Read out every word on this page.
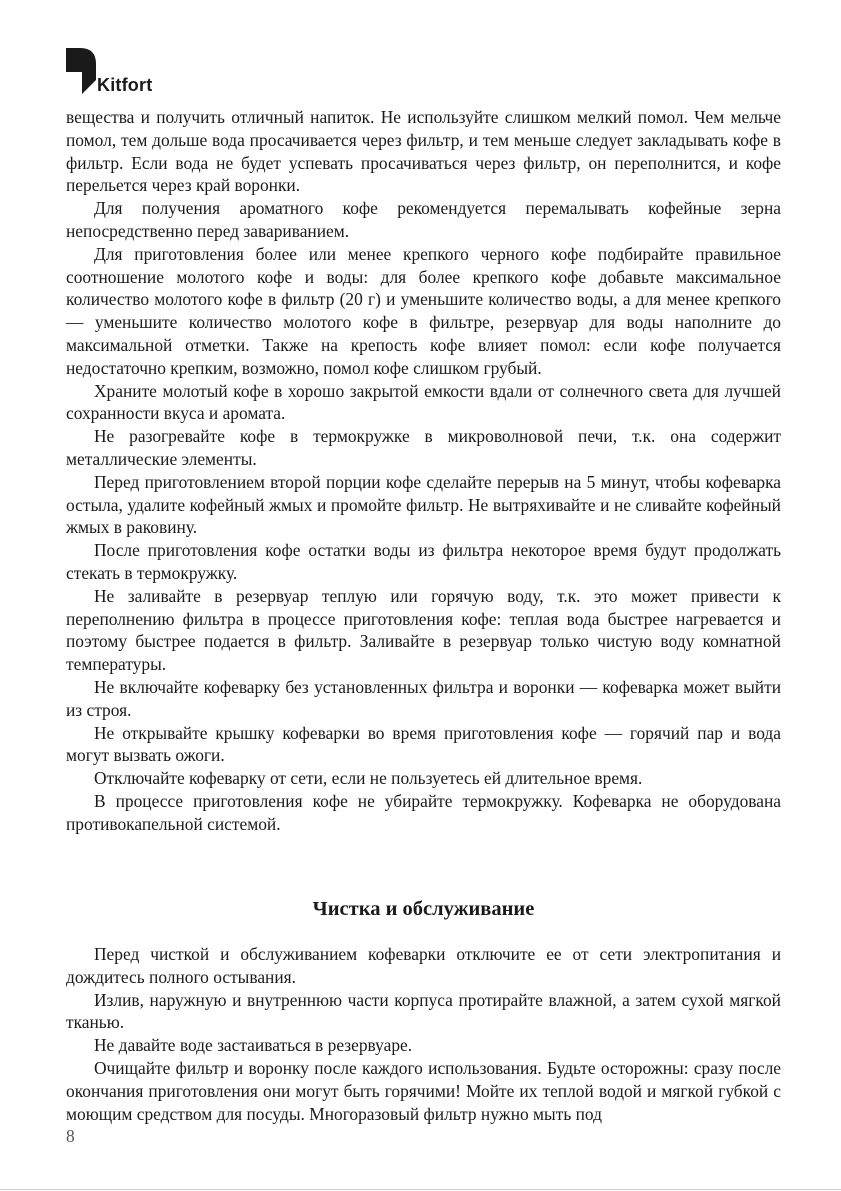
Kitfort

вещества и получить отличный напиток. Не используйте слишком мелкий помол. Чем мельче помол, тем дольше вода просачивается через фильтр, и тем меньше следует закладывать кофе в фильтр. Если вода не будет успевать просачиваться через фильтр, он переполнится, и кофе перельется через край воронки.

Для получения ароматного кофе рекомендуется перемалывать кофейные зерна непосредственно перед завариванием.

Для приготовления более или менее крепкого черного кофе подбирайте правильное соотношение молотого кофе и воды: для более крепкого кофе добавьте максимальное количество молотого кофе в фильтр (20 г) и уменьшите количество воды, а для менее крепкого — уменьшите количество молотого кофе в фильтре, резервуар для воды наполните до максимальной отметки. Также на крепость кофе влияет помол: если кофе получается недостаточно крепким, возможно, помол кофе слишком грубый.

Храните молотый кофе в хорошо закрытой емкости вдали от солнечного света для лучшей сохранности вкуса и аромата.

Не разогревайте кофе в термокружке в микроволновой печи, т.к. она содержит металлические элементы.

Перед приготовлением второй порции кофе сделайте перерыв на 5 минут, чтобы кофеварка остыла, удалите кофейный жмых и промойте фильтр. Не вытряхивайте и не сливайте кофейный жмых в раковину.

После приготовления кофе остатки воды из фильтра некоторое время будут продолжать стекать в термокружку.

Не заливайте в резервуар теплую или горячую воду, т.к. это может привести к переполнению фильтра в процессе приготовления кофе: теплая вода быстрее нагревается и поэтому быстрее подается в фильтр. Заливайте в резервуар только чистую воду комнатной температуры.

Не включайте кофеварку без установленных фильтра и воронки — кофеварка может выйти из строя.

Не открывайте крышку кофеварки во время приготовления кофе — горячий пар и вода могут вызвать ожоги.

Отключайте кофеварку от сети, если не пользуетесь ей длительное время.

В процессе приготовления кофе не убирайте термокружку. Кофеварка не оборудована противокапельной системой.

Чистка и обслуживание

Перед чисткой и обслуживанием кофеварки отключите ее от сети электропитания и дождитесь полного остывания.

Излив, наружную и внутреннюю части корпуса протирайте влажной, а затем сухой мягкой тканью.

Не давайте воде застаиваться в резервуаре.

Очищайте фильтр и воронку после каждого использования. Будьте осторожны: сразу после окончания приготовления они могут быть горячими! Мойте их теплой водой и мягкой губкой с моющим средством для посуды. Многоразовый фильтр нужно мыть под

8
